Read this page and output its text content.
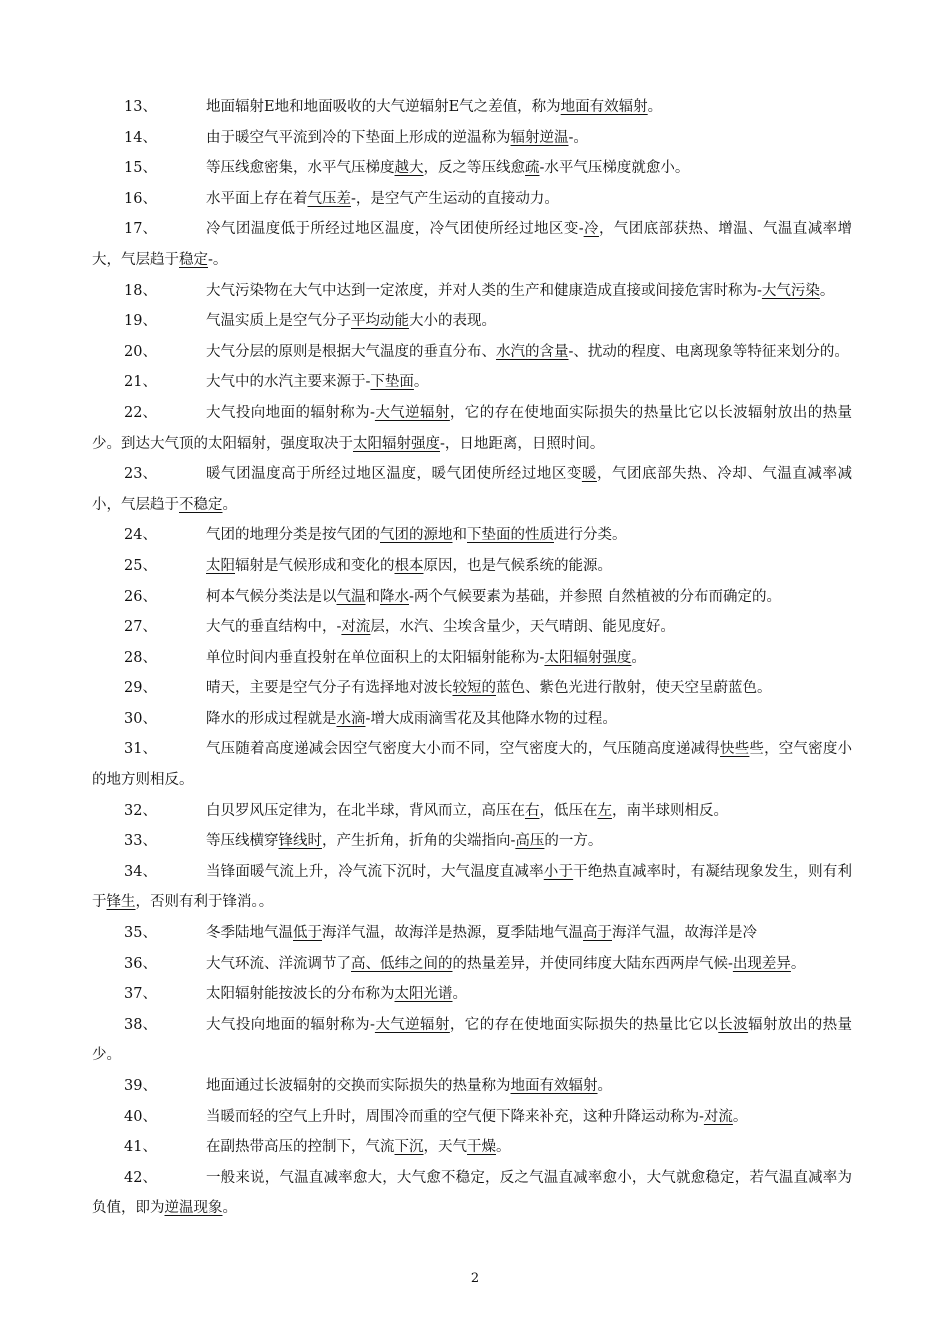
13、	地面辐射E地和地面吸收的大气逆辐射E气之差值，称为地面有效辐射。
14、	由于暖空气平流到冷的下垫面上形成的逆温称为辐射逆温-。
15、	等压线愈密集，水平气压梯度越大，反之等压线愈疏-水平气压梯度就愈小。
16、	水平面上存在着气压差-，是空气产生运动的直接动力。
17、	冷气团温度低于所经过地区温度，冷气团使所经过地区变-冷，气团底部获热、增温、气温直减率增大，气层趋于稳定-。
18、	大气污染物在大气中达到一定浓度，并对人类的生产和健康造成直接或间接危害时称为-大气污染。
19、	气温实质上是空气分子平均动能大小的表现。
20、	大气分层的原则是根据大气温度的垂直分布、水汽的含量-、扰动的程度、电离现象等特征来划分的。
21、	大气中的水汽主要来源于-下垫面。
22、	大气投向地面的辐射称为-大气逆辐射，它的存在使地面实际损失的热量比它以长波辐射放出的热量少。到达大气顶的太阳辐射，强度取决于太阳辐射强度-，日地距离，日照时间。
23、	暖气团温度高于所经过地区温度，暖气团使所经过地区变暖，气团底部失热、冷却、气温直减率减小，气层趋于不稳定。
24、	气团的地理分类是按气团的气团的源地和下垫面的性质进行分类。
25、	太阳辐射是气候形成和变化的根本原因，也是气候系统的能源。
26、	柯本气候分类法是以气温和降水-两个气候要素为基础，并参照 自然植被的分布而确定的。
27、	大气的垂直结构中，-对流层，水汽、尘埃含量少，天气晴朗、能见度好。
28、	单位时间内垂直投射在单位面积上的太阳辐射能称为-太阳辐射强度。
29、	晴天，主要是空气分子有选择地对波长较短的蓝色、紫色光进行散射，使天空呈蔚蓝色。
30、	降水的形成过程就是水滴-增大成雨滴雪花及其他降水物的过程。
31、	气压随着高度递减会因空气密度大小而不同，空气密度大的，气压随高度递减得快些些，空气密度小的地方则相反。
32、	白贝罗风压定律为，在北半球，背风而立，高压在右，低压在左，南半球则相反。
33、	等压线横穿锋线时，产生折角，折角的尖端指向-高压的一方。
34、	当锋面暖气流上升，冷气流下沉时，大气温度直减率小于干绝热直减率时，有凝结现象发生，则有利于锋生，否则有利于锋消。。
35、	冬季陆地气温低于海洋气温，故海洋是热源，夏季陆地气温高于海洋气温，故海洋是冷
36、	大气环流、洋流调节了高、低纬之间的的热量差异，并使同纬度大陆东西两岸气候-出现差异。
37、	太阳辐射能按波长的分布称为太阳光谱。
38、	大气投向地面的辐射称为-大气逆辐射，它的存在使地面实际损失的热量比它以长波辐射放出的热量少。
39、	地面通过长波辐射的交换而实际损失的热量称为地面有效辐射。
40、	当暖而轻的空气上升时，周围冷而重的空气便下降来补充，这种升降运动称为-对流。
41、	在副热带高压的控制下，气流下沉，天气干燥。
42、	一般来说，气温直减率愈大，大气愈不稳定，反之气温直减率愈小，大气就愈稳定，若气温直减率为负值，即为逆温现象。
2
